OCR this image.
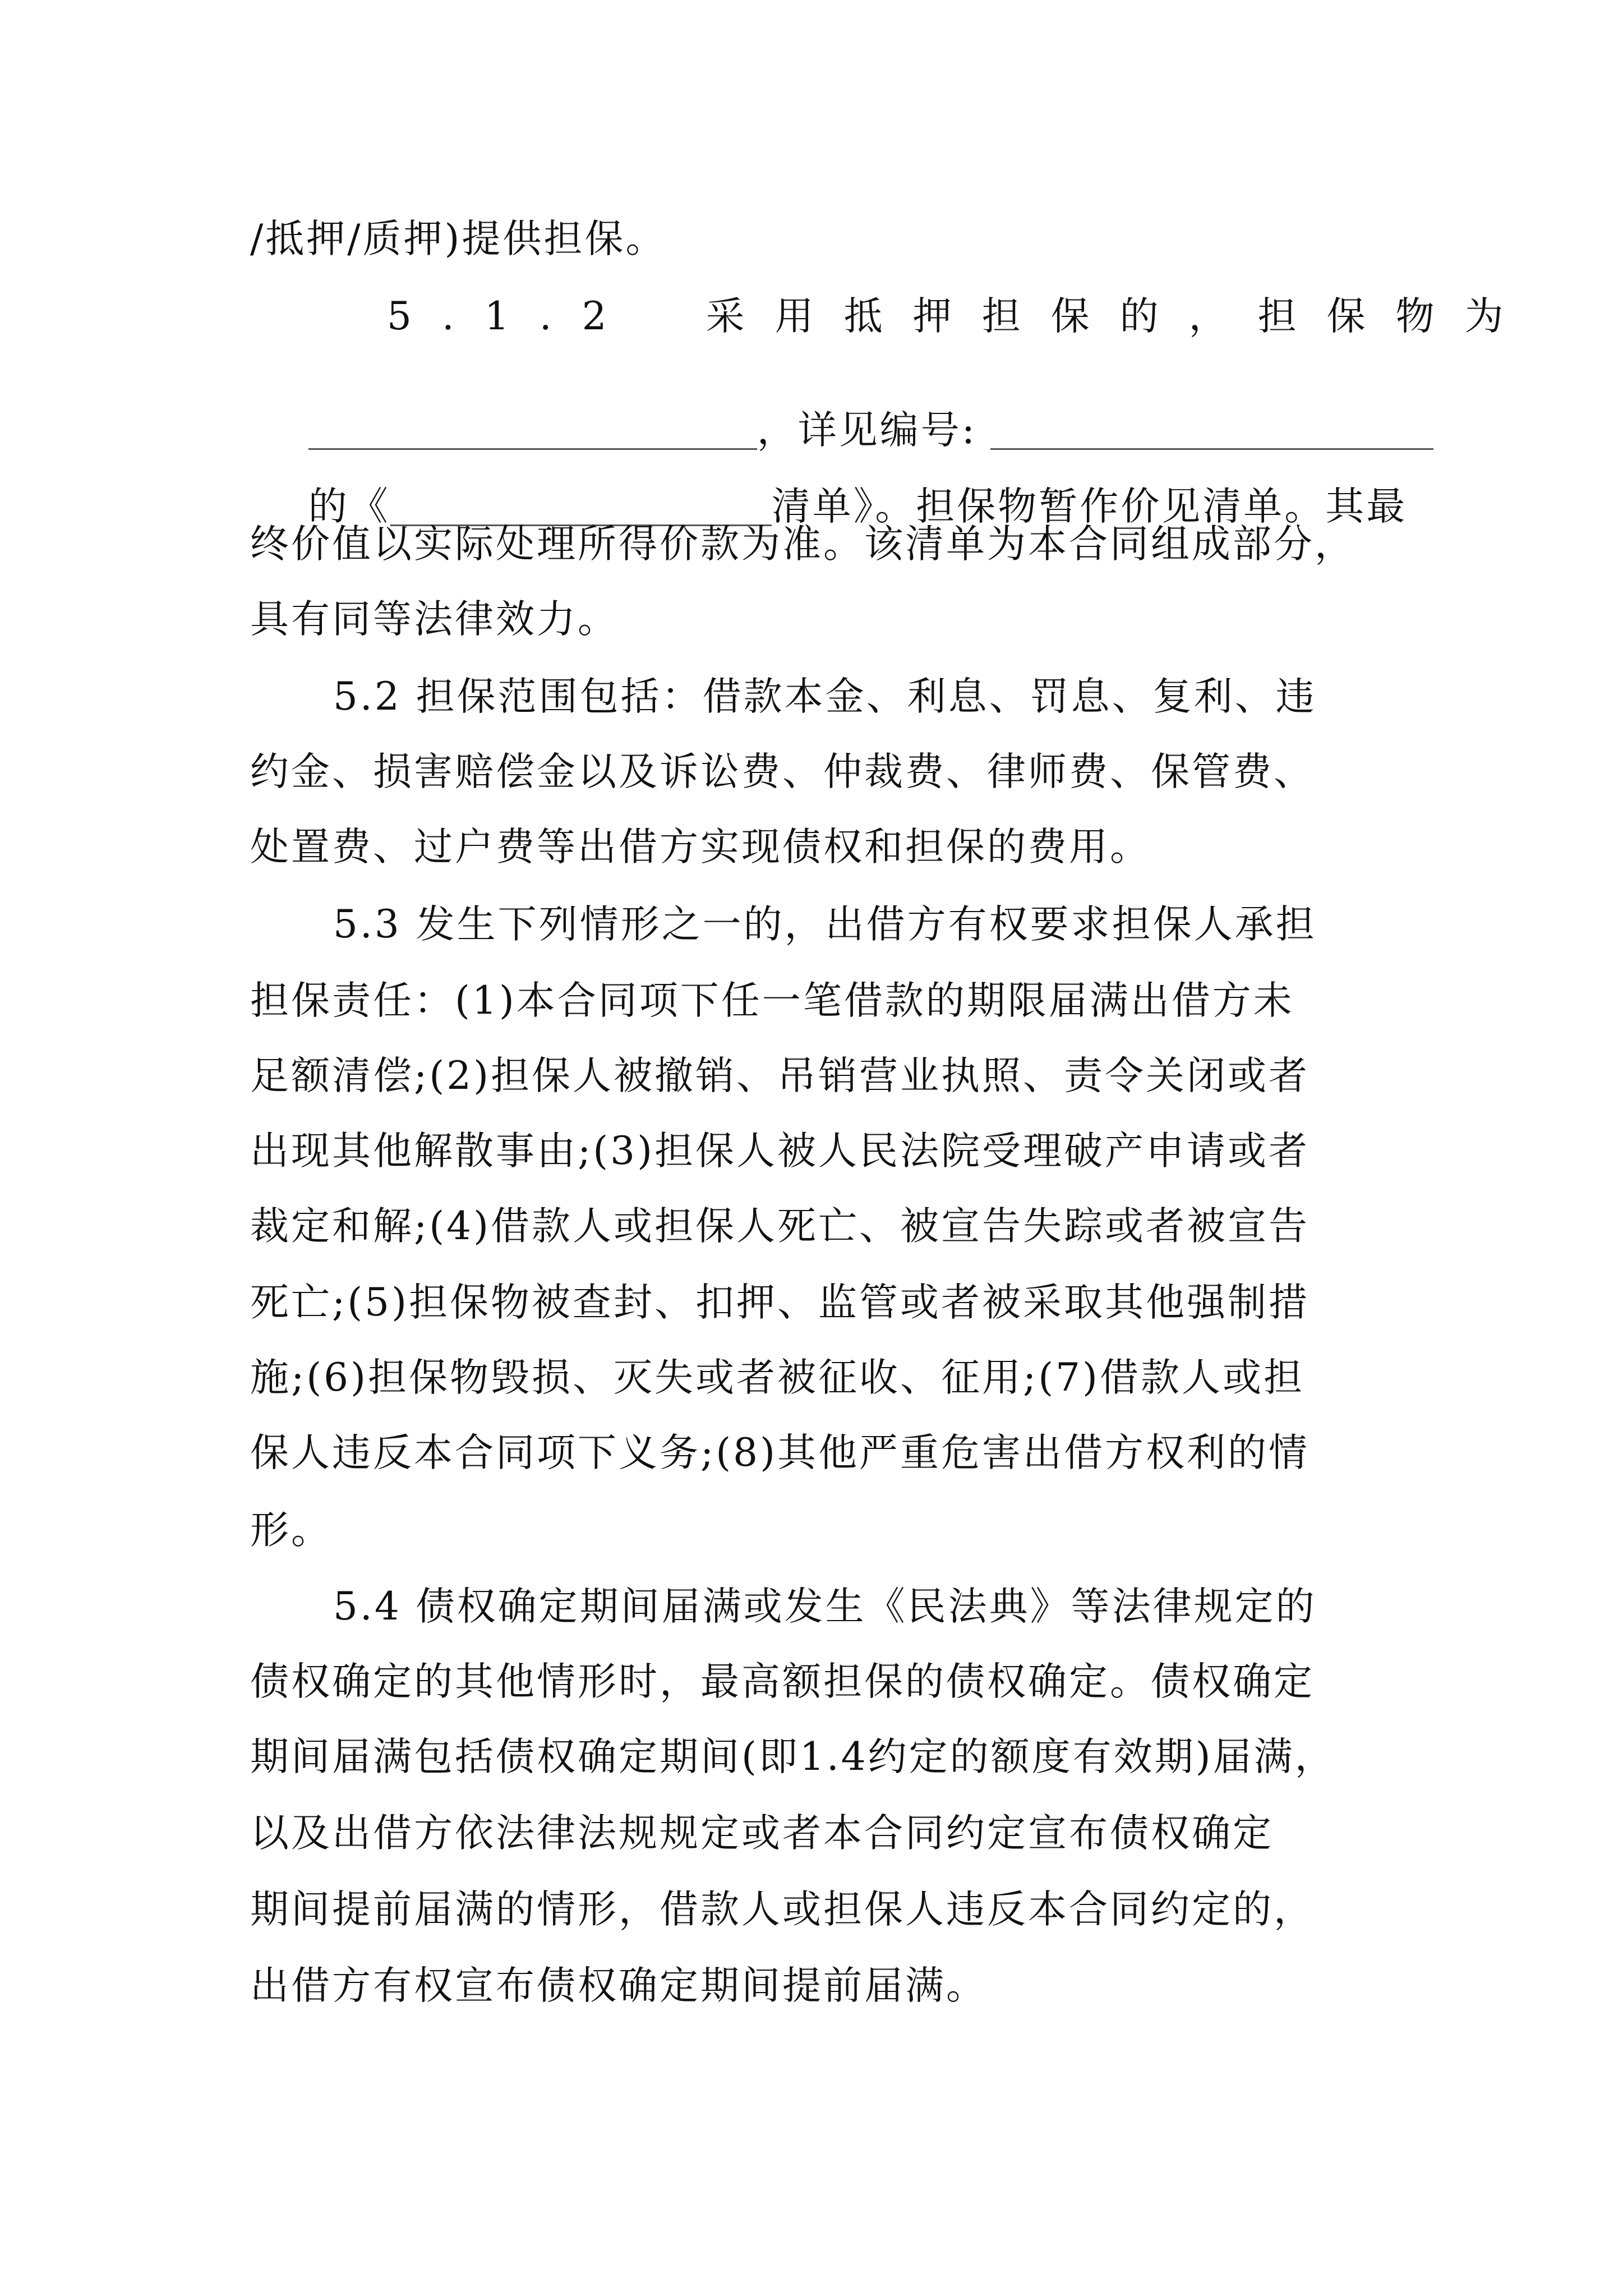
/抵押/质押)提供担保。
5.1.2　采用抵押担保的，担保物为

，详见编号:

的《	清单》。担保物暂作价见清单。其最

终价值以实际处理所得价款为准。该清单为本合同组成部分，
具有同等法律效力。
5.2 担保范围包括：借款本金、利息、罚息、复利、违
约金、损害赔偿金以及诉讼费、仲裁费、律师费、保管费、
处置费、过户费等出借方实现债权和担保的费用。
5.3 发生下列情形之一的，出借方有权要求担保人承担
担保责任：(1)本合同项下任一笔借款的期限届满出借方未
足额清偿;(2)担保人被撤销、吊销营业执照、责令关闭或者
出现其他解散事由;(3)担保人被人民法院受理破产申请或者
裁定和解;(4)借款人或担保人死亡、被宣告失踪或者被宣告
死亡;(5)担保物被查封、扣押、监管或者被采取其他强制措
施;(6)担保物毁损、灭失或者被征收、征用;(7)借款人或担
保人违反本合同项下义务;(8)其他严重危害出借方权利的情
形。
5.4 债权确定期间届满或发生《民法典》等法律规定的
债权确定的其他情形时，最高额担保的债权确定。债权确定
期间届满包括债权确定期间(即1.4约定的额度有效期)届满，
以及出借方依法律法规规定或者本合同约定宣布债权确定
期间提前届满的情形，借款人或担保人违反本合同约定的，
出借方有权宣布债权确定期间提前届满。
